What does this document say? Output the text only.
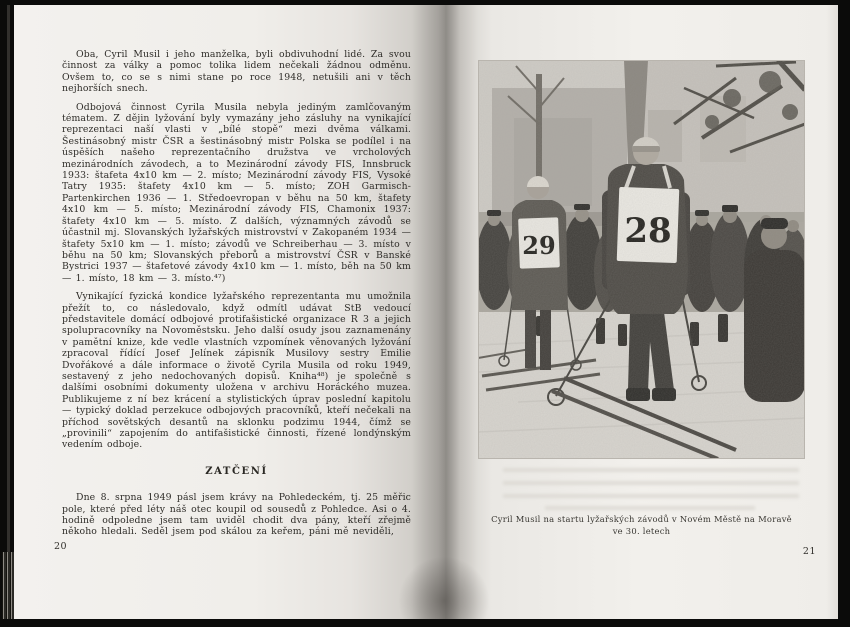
Oba, Cyril Musil i jeho manželka, byli obdivuhodní lidé. Za svou činnost za války a pomoc tolika lidem nečekali žádnou odměnu. Ovšem to, co se s nimi stane po roce 1948, netušili ani v těch nejhorších snech.

Odbojová činnost Cyrila Musila nebyla jediným zamlčovaným tématem. Z dějin lyžování byly vymazány jeho zásluhy na vynikající reprezentaci naší vlasti v „bílé stopě“ mezi dvěma válkami. Šestinásobný mistr ČSR a šestinásobný mistr Polska se podílel i na úspěších našeho reprezentačního družstva ve vrcholových mezinárodních závodech, a to Mezinárodní závody FIS, Innsbruck 1933: štafeta 4x10 km — 2. místo; Mezinárodní závody FIS, Vysoké Tatry 1935: štafety 4x10 km — 5. místo; ZOH Garmisch-Partenkirchen 1936 — 1. Středoevropan v běhu na 50 km, štafety 4x10 km — 5. místo; Mezinárodní závody FIS, Chamonix 1937: štafety 4x10 km — 5. místo. Z dalších, významných závodů se účastnil mj. Slovanských lyžařských mistrovství v Zakopaném 1934 — štafety 5x10 km — 1. místo; závodů ve Schreiberhau — 3. místo v běhu na 50 km; Slovanských přeborů a mistrovství ČSR v Banské Bystrici 1937 — štafetové závody 4x10 km — 1. místo, běh na 50 km — 1. místo, 18 km — 3. místo.⁴⁷)

Vynikající fyzická kondice lyžařského reprezentanta mu umožnila přežít to, co následovalo, když odmítl udávat StB vedoucí představitele domácí odbojové protifašistické organizace R 3 a jejich spolupracovníky na Novoměstsku. Jeho další osudy jsou zaznamenány v pamětní knize, kde vedle vlastních vzpomínek věnovaných lyžování zpracoval řídící Josef Jelínek zápisník Musilovy sestry Emilie Dvořákové a dále informace o životě Cyrila Musila od roku 1949, sestavený z jeho nedochovaných dopisů. Kniha⁴⁸) je společně s dalšími osobními dokumenty uložena v archivu Horáckého muzea. Publikujeme z ní bez krácení a stylistických úprav poslední kapitolu — typický doklad perzekuce odbojových pracovníků, kteří nečekali na příchod sovětských desantů na sklonku podzimu 1944, čímž se „provinili“ zapojením do antifašistické činnosti, řízené londýnským vedením odboje.

ZATČENÍ

Dne 8. srpna 1949 pásl jsem krávy na Pohledeckém, tj. 25 měřic pole, které před léty náš otec koupil od sousedů z Pohledce. Asi o 4. hodině odpoledne jsem tam uviděl chodit dva pány, kteří zřejmě někoho hledali. Seděl jsem pod skálou za keřem, páni mě neviděli,

20
Cyril Musil na startu lyžařských závodů v Novém Městě na Moravě
ve 30. letech
21
